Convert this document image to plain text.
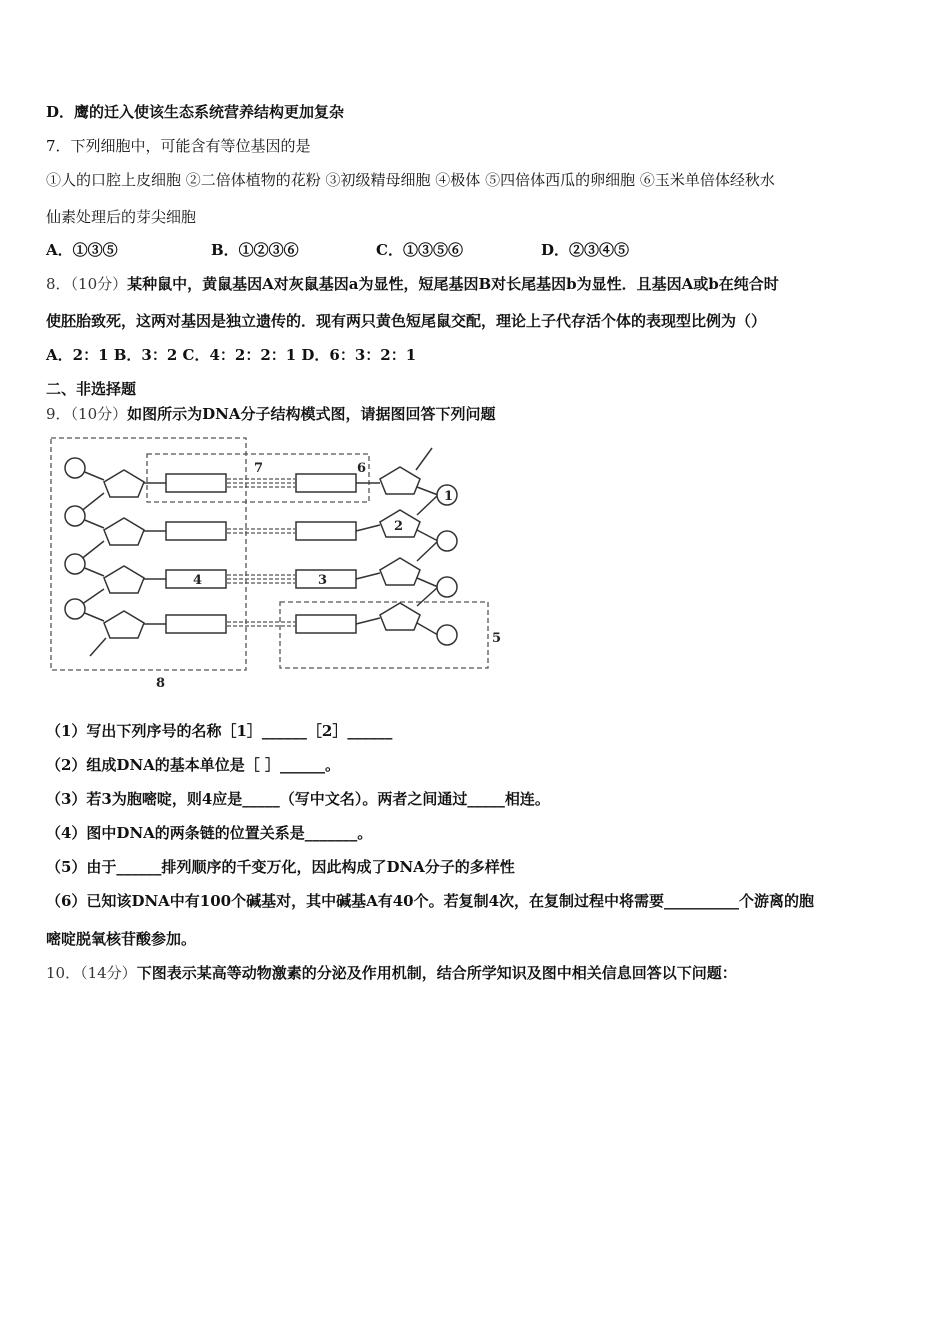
D．鹰的迁入使该生态系统营养结构更加复杂
7．下列细胞中，可能含有等位基因的是
①人的口腔上皮细胞 ②二倍体植物的花粉 ③初级精母细胞 ④极体 ⑤四倍体西瓜的卵细胞 ⑥玉米单倍体经秋水
仙素处理后的芽尖细胞
A．①③⑤	B．①②③⑥	C．①③⑤⑥	D．②③④⑤
8．（10分）某种鼠中，黄鼠基因A对灰鼠基因a为显性，短尾基因B对长尾基因b为显性．且基因A或b在纯合时
使胚胎致死，这两对基因是独立遗传的．现有两只黄色短尾鼠交配，理论上子代存活个体的表现型比例为（）
A．2：1 B．3：2 C．4：2：2：1 D．6：3：2：1
二、非选择题
9．（10分）如图所示为DNA分子结构模式图，请据图回答下列问题
1
2
3
4
5
6
7
8
（1）写出下列序号的名称［1］______［2］______
（2）组成DNA的基本单位是［ ］______。
（3）若3为胞嘧啶，则4应是_____（写中文名）。两者之间通过_____相连。
（4）图中DNA的两条链的位置关系是_______。
（5）由于______排列顺序的千变万化，因此构成了DNA分子的多样性
（6）已知该DNA中有100个碱基对，其中碱基A有40个。若复制4次，在复制过程中将需要__________个游离的胞
嘧啶脱氧核苷酸参加。
10．（14分）下图表示某高等动物激素的分泌及作用机制，结合所学知识及图中相关信息回答以下问题：
